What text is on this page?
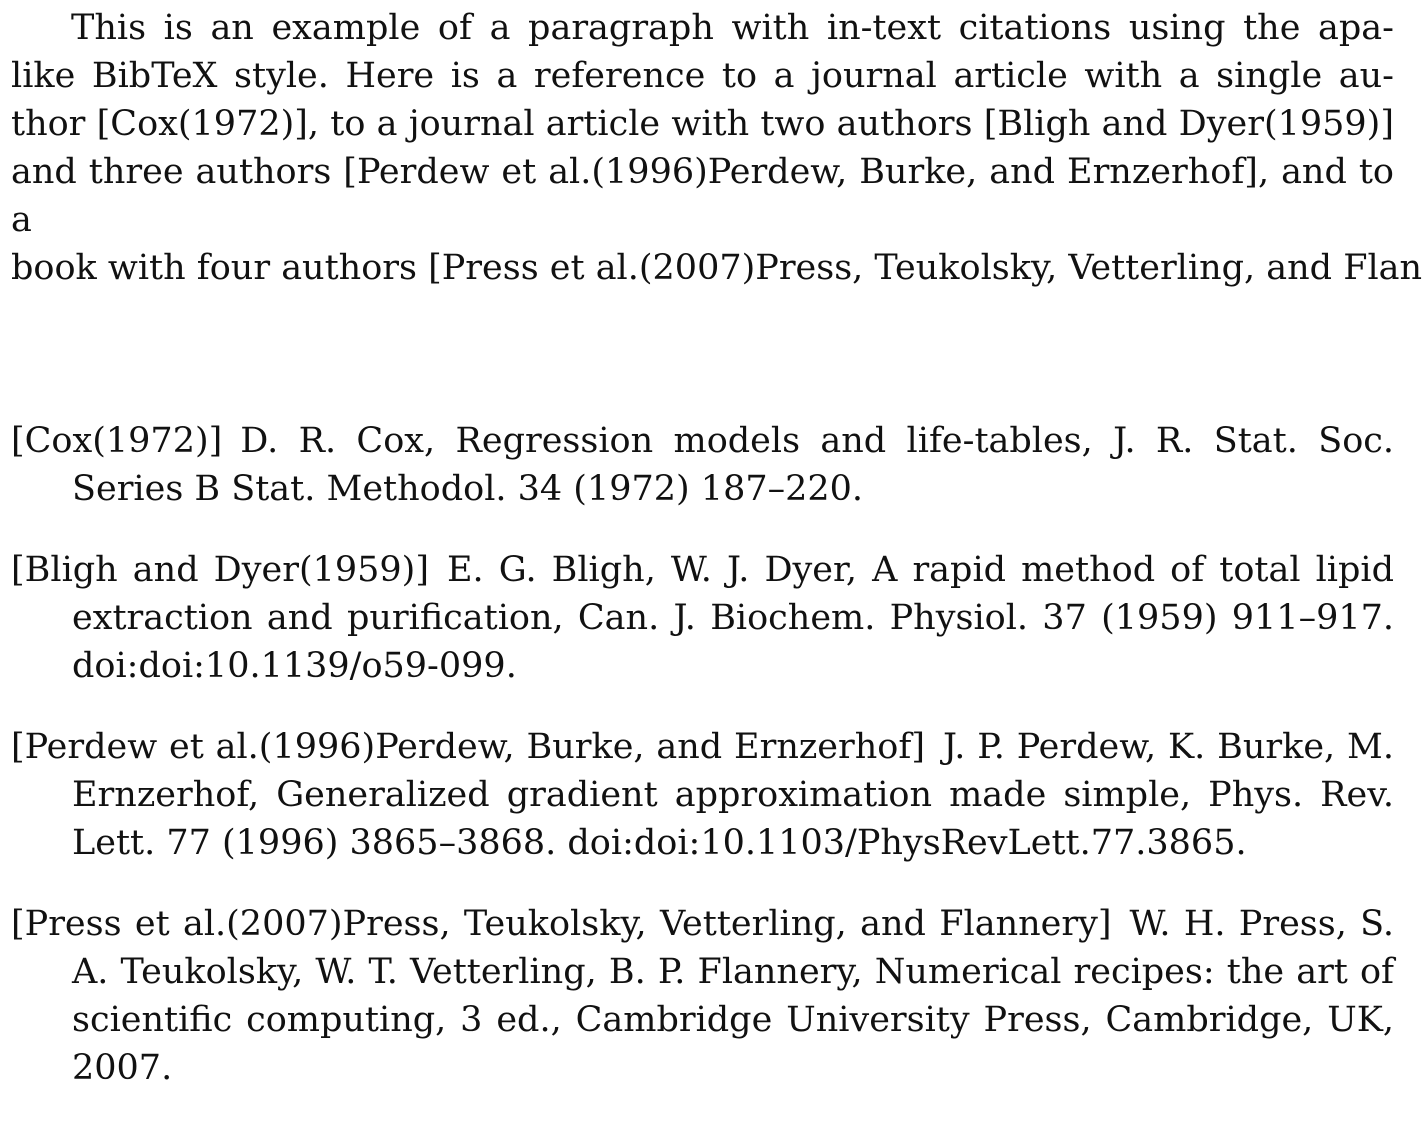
This is an example of a paragraph with in-text citations using the apa-
like BibTeX style. Here is a reference to a journal article with a single au-
thor [Cox(1972)], to a journal article with two authors [Bligh and Dyer(1959)]
and three authors [Perdew et al.(1996)Perdew, Burke, and Ernzerhof], and to a
book with four authors [Press et al.(2007)Press, Teukolsky, Vetterling, and Flan

[Cox(1972)] D. R. Cox, Regression models and life-tables, J. R. Stat. Soc. Series B Stat. Methodol. 34 (1972) 187–220.

[Bligh and Dyer(1959)] E. G. Bligh, W. J. Dyer, A rapid method of total lipid extraction and purification, Can. J. Biochem. Physiol. 37 (1959) 911–917. doi:doi:10.1139/o59-099.

[Perdew et al.(1996)Perdew, Burke, and Ernzerhof] J. P. Perdew, K. Burke, M. Ernzerhof, Generalized gradient approximation made simple, Phys. Rev. Lett. 77 (1996) 3865–3868. doi:doi:10.1103/PhysRevLett.77.3865.

[Press et al.(2007)Press, Teukolsky, Vetterling, and Flannery] W. H. Press, S. A. Teukolsky, W. T. Vetterling, B. P. Flannery, Numerical recipes: the art of scientific computing, 3 ed., Cambridge University Press, Cambridge, UK, 2007.
